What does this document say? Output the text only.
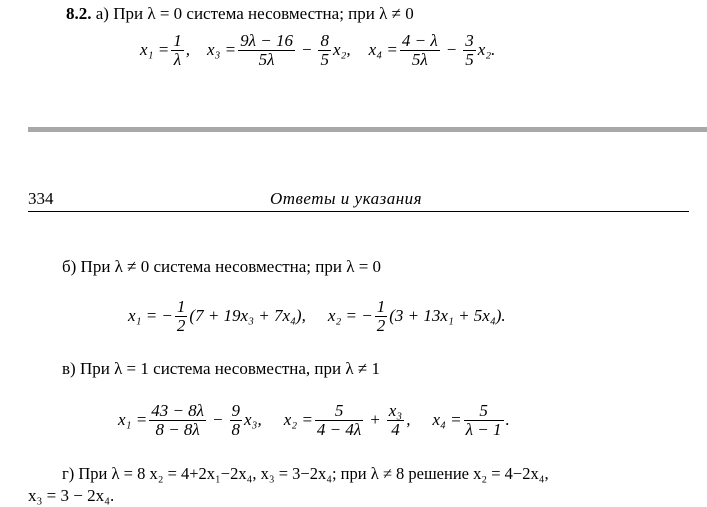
8.2. а) При λ = 0 система несовместна; при λ ≠ 0
$x_1 = \frac{1}{\lambda}$ ,    $x_3 = \frac{9\lambda - 16}{5\lambda} - \frac{8}{5} x_2$, $x_4 = \frac{4 - \lambda}{5\lambda} - \frac{3}{5} x_2$.
334	Ответы и указания
б) При λ ≠ 0 система несовместна; при λ = 0
x₁ = − $\frac{1}{2} (7 + 19x_3 + 7x_4)$, x₂ = − $\frac{1}{2} (3 + 13x_1 + 5x_4)$.
в) При λ = 1 система несовместна, при λ ≠ 1
$x_1 = \frac{43 - 8\lambda}{8 - 8\lambda} - \frac{9}{8} x_3$, $x_2 = \frac{5}{4 - 4\lambda} + \frac{\text{x₃}}{4}$ , $x_4 = \frac{5}{\lambda - 1}$ .
г) При λ = 8 x₂ = 4+2x₁−2x₄, x₃ = 3−2x₄; при λ ≠ 8 решение x₂ = 4−2x₄,
x₃ = 3 − 2x₄.
